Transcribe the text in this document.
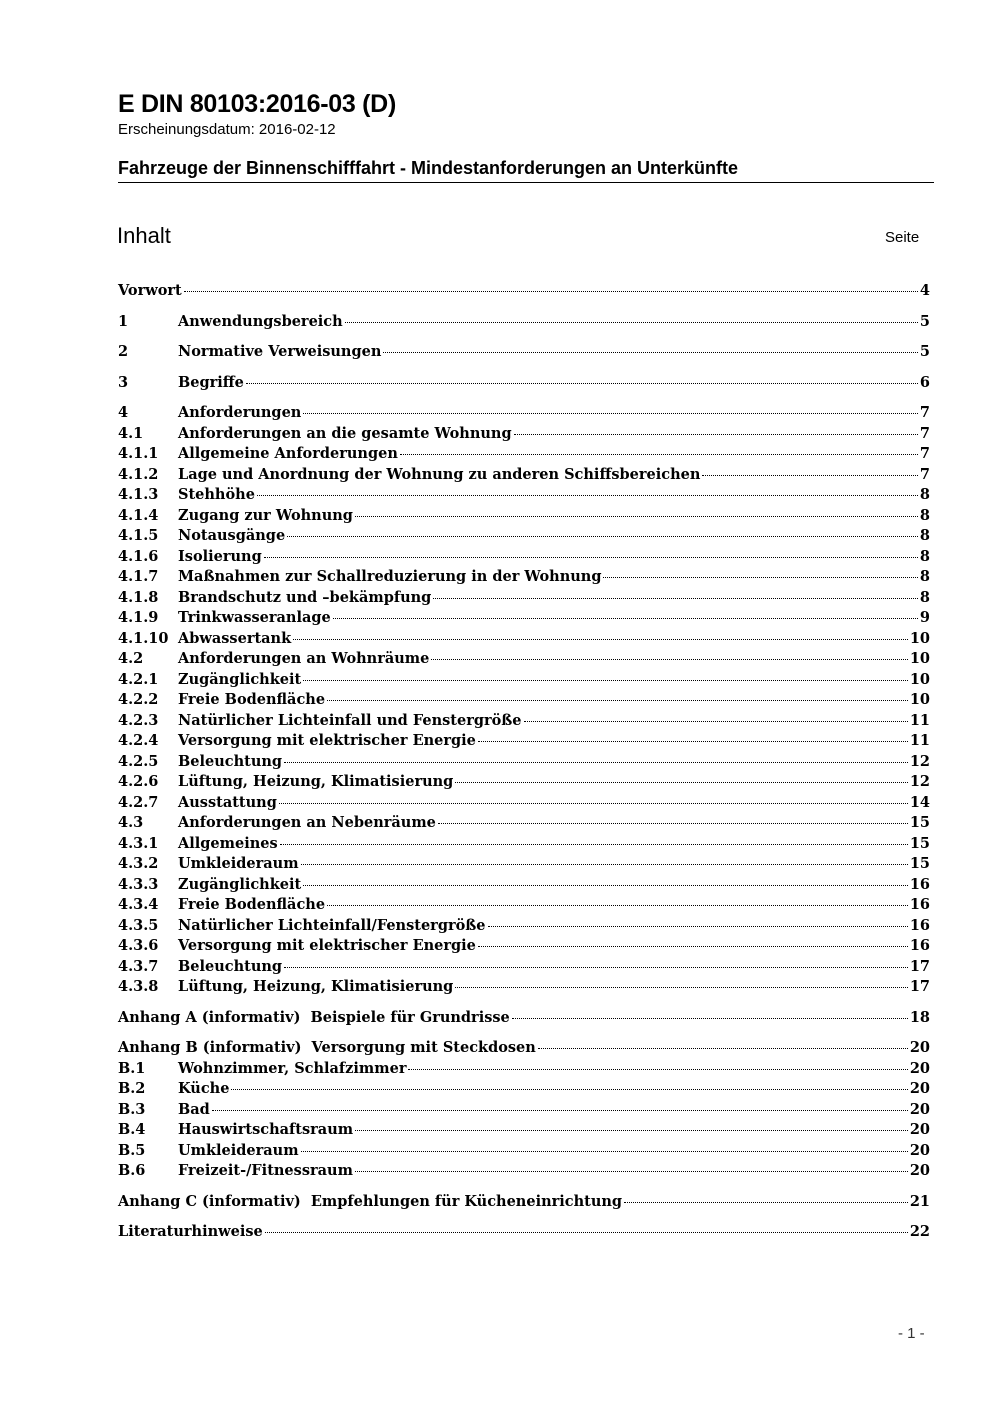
E DIN 80103:2016-03 (D)
Erscheinungsdatum: 2016-02-12
Fahrzeuge der Binnenschifffahrt - Mindestanforderungen an Unterkünfte
Inhalt	Seite
Vorwort	4
1	Anwendungsbereich	5
2	Normative Verweisungen	5
3	Begriffe	6
4	Anforderungen	7
4.1	Anforderungen an die gesamte Wohnung	7
4.1.1	Allgemeine Anforderungen	7
4.1.2	Lage und Anordnung der Wohnung zu anderen Schiffsbereichen	7
4.1.3	Stehhöhe	8
4.1.4	Zugang zur Wohnung	8
4.1.5	Notausgänge	8
4.1.6	Isolierung	8
4.1.7	Maßnahmen zur Schallreduzierung in der Wohnung	8
4.1.8	Brandschutz und –bekämpfung	8
4.1.9	Trinkwasseranlage	9
4.1.10 Abwassertank	10
4.2	Anforderungen an Wohnräume	10
4.2.1	Zugänglichkeit	10
4.2.2	Freie Bodenfläche	10
4.2.3	Natürlicher Lichteinfall und Fenstergröße	11
4.2.4	Versorgung mit elektrischer Energie	11
4.2.5	Beleuchtung	12
4.2.6	Lüftung, Heizung, Klimatisierung	12
4.2.7	Ausstattung	14
4.3	Anforderungen an Nebenräume	15
4.3.1	Allgemeines	15
4.3.2	Umkleideraum	15
4.3.3	Zugänglichkeit	16
4.3.4	Freie Bodenfläche	16
4.3.5	Natürlicher Lichteinfall/Fenstergröße	16
4.3.6	Versorgung mit elektrischer Energie	16
4.3.7	Beleuchtung	17
4.3.8	Lüftung, Heizung, Klimatisierung	17
Anhang A (informativ)  Beispiele für Grundrisse	18
Anhang B (informativ)  Versorgung mit Steckdosen	20
B.1	Wohnzimmer, Schlafzimmer	20
B.2	Küche	20
B.3	Bad	20
B.4	Hauswirtschaftsraum	20
B.5	Umkleideraum	20
B.6	Freizeit-/Fitnessraum	20
Anhang C (informativ)  Empfehlungen für Kücheneinrichtung	21
Literaturhinweise	22
- 1 -
